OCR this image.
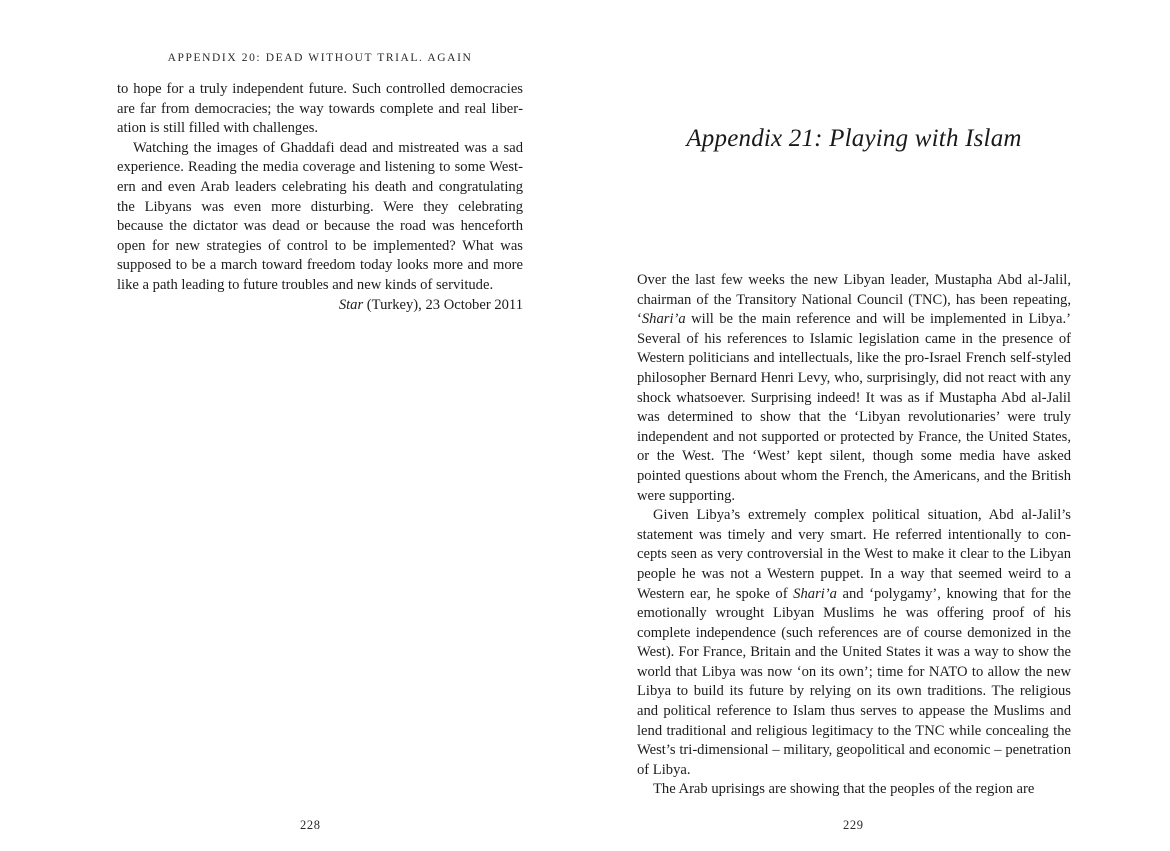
APPENDIX 20: DEAD WITHOUT TRIAL. AGAIN

to hope for a truly independent future. Such controlled democracies are far from democracies; the way towards complete and real liberation is still filled with challenges.

Watching the images of Ghaddafi dead and mistreated was a sad experience. Reading the media coverage and listening to some Western and even Arab leaders celebrating his death and congratulating the Libyans was even more disturbing. Were they celebrating because the dictator was dead or because the road was henceforth open for new strategies of control to be implemented? What was supposed to be a march toward freedom today looks more and more like a path leading to future troubles and new kinds of servitude.

Star (Turkey), 23 October 2011

228
Appendix 21: Playing with Islam

Over the last few weeks the new Libyan leader, Mustapha Abd al-Jalil, chairman of the Transitory National Council (TNC), has been repeating, ‘Shari’a will be the main reference and will be implemented in Libya.’ Several of his references to Islamic legislation came in the presence of Western politicians and intellectuals, like the pro-Israel French self-styled philosopher Bernard Henri Levy, who, surprisingly, did not react with any shock whatsoever. Surprising indeed! It was as if Mustapha Abd al-Jalil was determined to show that the ‘Libyan revolutionaries’ were truly independent and not supported or protected by France, the United States, or the West. The ‘West’ kept silent, though some media have asked pointed questions about whom the French, the Americans, and the British were supporting.

Given Libya’s extremely complex political situation, Abd al-Jalil’s statement was timely and very smart. He referred intentionally to concepts seen as very controversial in the West to make it clear to the Libyan people he was not a Western puppet. In a way that seemed weird to a Western ear, he spoke of Shari’a and ‘polygamy’, knowing that for the emotionally wrought Libyan Muslims he was offering proof of his complete independence (such references are of course demonized in the West). For France, Britain and the United States it was a way to show the world that Libya was now ‘on its own’; time for NATO to allow the new Libya to build its future by relying on its own traditions. The religious and political reference to Islam thus serves to appease the Muslims and lend traditional and religious legitimacy to the TNC while concealing the West’s tri-dimensional – military, geopolitical and economic – penetration of Libya.

The Arab uprisings are showing that the peoples of the region are

229
